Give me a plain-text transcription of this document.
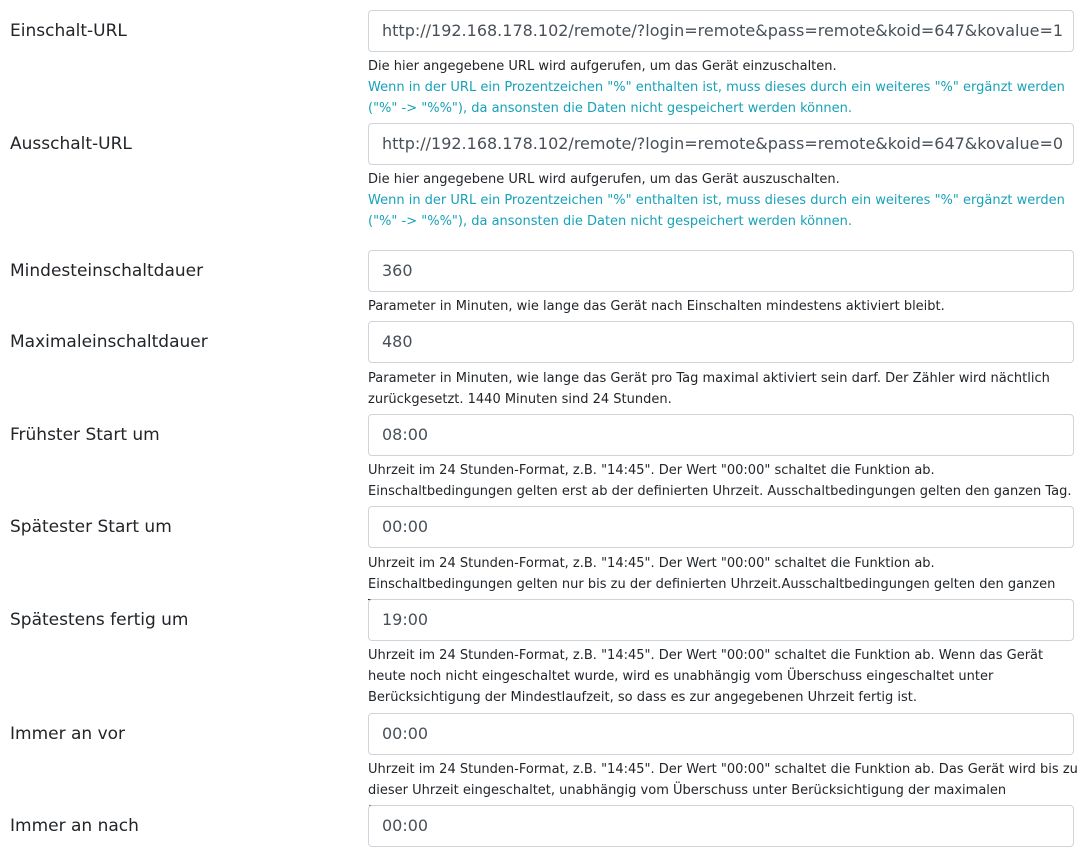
Einschalt-URL	http://192.168.178.102/remote/?login=remote&pass=remote&koid=647&kovalue=1
Die hier angegebene URL wird aufgerufen, um das Gerät einzuschalten.
Wenn in der URL ein Prozentzeichen "%" enthalten ist, muss dieses durch ein weiteres "%" ergänzt werden ("%" -> "%%"), da ansonsten die Daten nicht gespeichert werden können.
Ausschalt-URL	http://192.168.178.102/remote/?login=remote&pass=remote&koid=647&kovalue=0
Die hier angegebene URL wird aufgerufen, um das Gerät auszuschalten.
Wenn in der URL ein Prozentzeichen "%" enthalten ist, muss dieses durch ein weiteres "%" ergänzt werden ("%" -> "%%"), da ansonsten die Daten nicht gespeichert werden können.
Mindesteinschaltdauer	360
Parameter in Minuten, wie lange das Gerät nach Einschalten mindestens aktiviert bleibt.
Maximaleinschaltdauer	480
Parameter in Minuten, wie lange das Gerät pro Tag maximal aktiviert sein darf. Der Zähler wird nächtlich zurückgesetzt. 1440 Minuten sind 24 Stunden.
Frühster Start um	08:00
Uhrzeit im 24 Stunden-Format, z.B. "14:45". Der Wert "00:00" schaltet die Funktion ab. Einschaltbedingungen gelten erst ab der definierten Uhrzeit. Ausschaltbedingungen gelten den ganzen Tag.
Spätester Start um	00:00
Uhrzeit im 24 Stunden-Format, z.B. "14:45". Der Wert "00:00" schaltet die Funktion ab. Einschaltbedingungen gelten nur bis zu der definierten Uhrzeit.Ausschaltbedingungen gelten den ganzen
Spätestens fertig um	19:00
Uhrzeit im 24 Stunden-Format, z.B. "14:45". Der Wert "00:00" schaltet die Funktion ab. Wenn das Gerät heute noch nicht eingeschaltet wurde, wird es unabhängig vom Überschuss eingeschaltet unter Berücksichtigung der Mindestlaufzeit, so dass es zur angegebenen Uhrzeit fertig ist.
Immer an vor	00:00
Uhrzeit im 24 Stunden-Format, z.B. "14:45". Der Wert "00:00" schaltet die Funktion ab. Das Gerät wird bis zu dieser Uhrzeit eingeschaltet, unabhängig vom Überschuss unter Berücksichtigung der maximalen
Immer an nach	00:00
